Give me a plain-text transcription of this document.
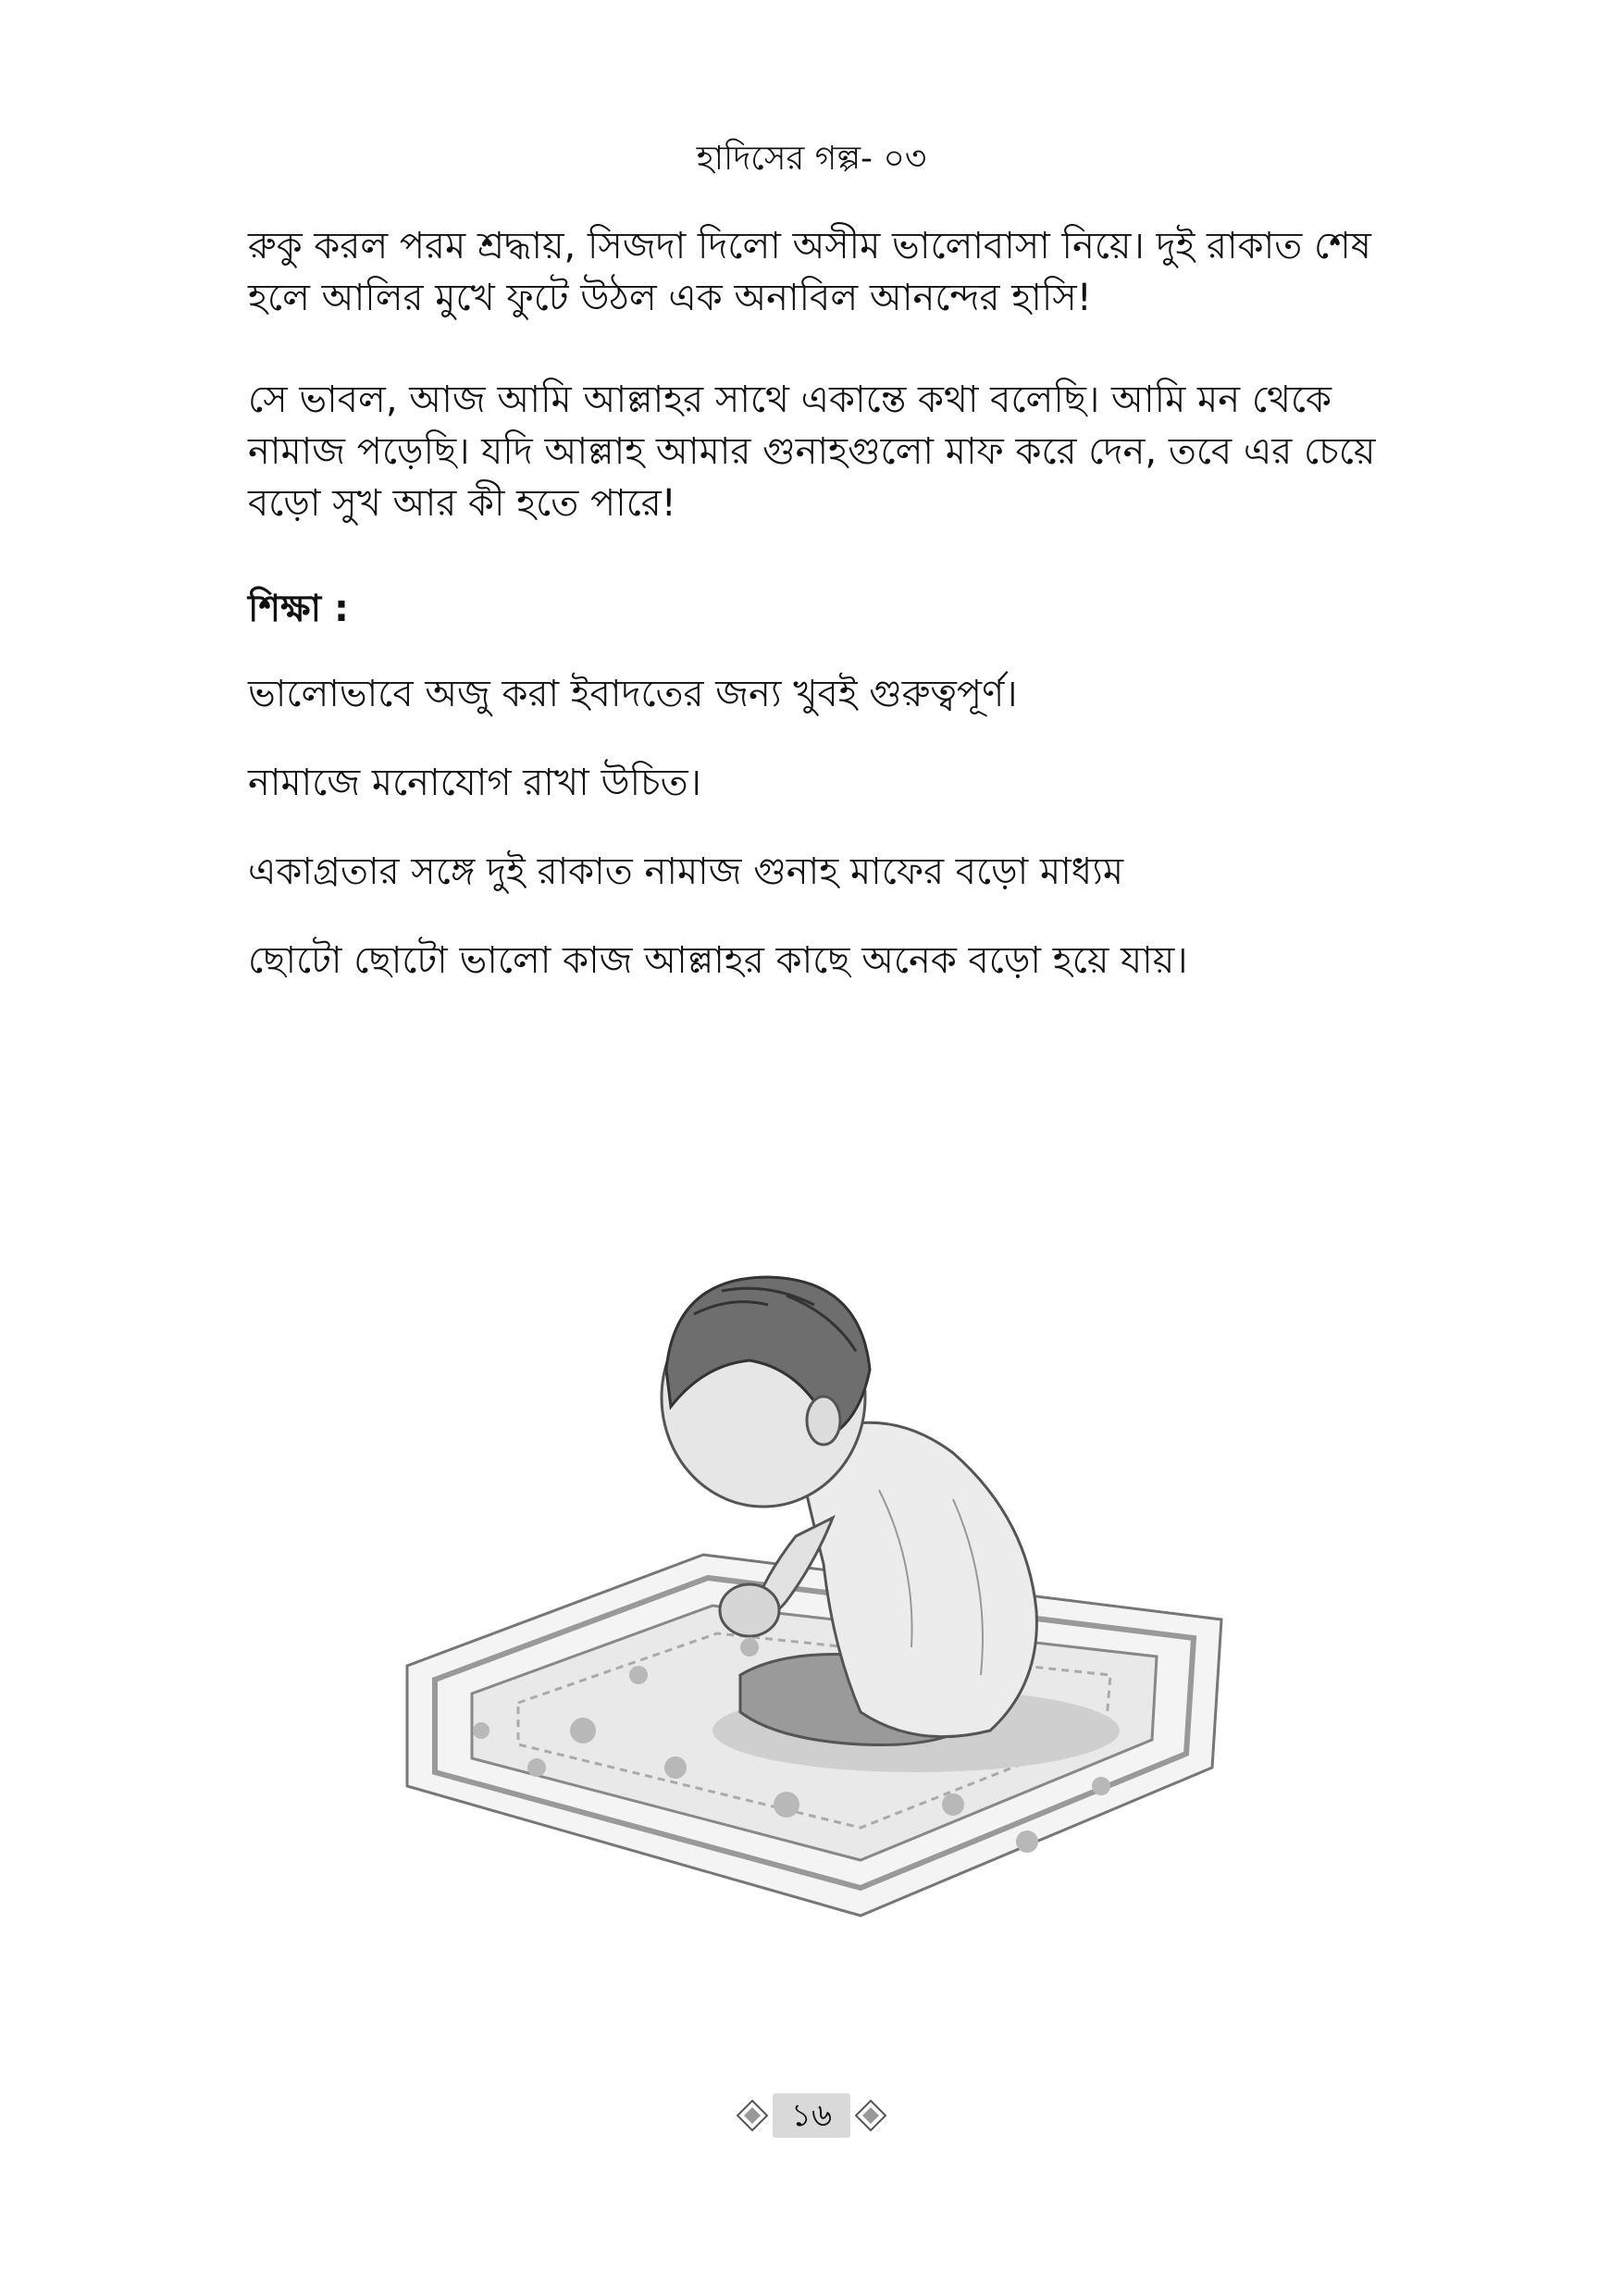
হাদিসের গল্প- ০৩

রুকু করল পরম শ্রদ্ধায়, সিজদা দিলো অসীম ভালোবাসা নিয়ে। দুই রাকাত শেষ হলে আলির মুখে ফুটে উঠল এক অনাবিল আনন্দের হাসি!

সে ভাবল, আজ আমি আল্লাহর সাথে একান্তে কথা বলেছি। আমি মন থেকে নামাজ পড়েছি। যদি আল্লাহ আমার গুনাহগুলো মাফ করে দেন, তবে এর চেয়ে বড়ো সুখ আর কী হতে পারে!

শিক্ষা :
ভালোভাবে অজু করা ইবাদতের জন্য খুবই গুরুত্বপূর্ণ।
নামাজে মনোযোগ রাখা উচিত।
একাগ্রতার সঙ্গে দুই রাকাত নামাজ গুনাহ মাফের বড়ো মাধ্যম
ছোটো ছোটো ভালো কাজ আল্লাহর কাছে অনেক বড়ো হয়ে যায়।
১৬
